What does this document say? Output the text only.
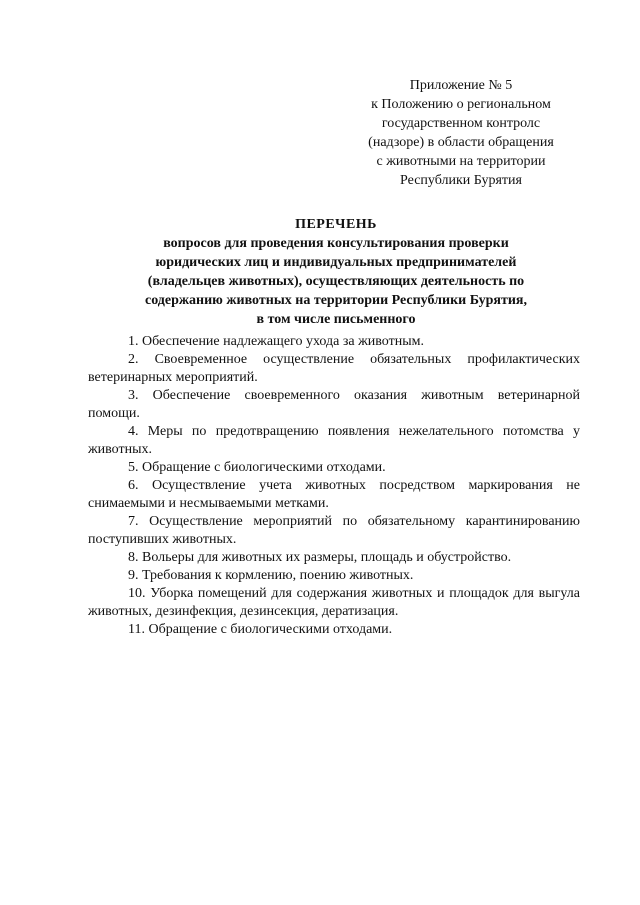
Приложение № 5
к Положению о региональном
государственном контролс
(надзоре) в области обращения
с животными на территории
Республики Бурятия
ПЕРЕЧЕНЬ
вопросов для проведения консультирования проверки
юридических лиц и индивидуальных предпринимателей
(владельцев животных), осуществляющих деятельность по
содержанию животных на территории Республики Бурятия,
в том числе письменного

1. Обеспечение надлежащего ухода за животным.

2. Своевременное осуществление обязательных профилактических ветеринарных мероприятий.

3. Обеспечение своевременного оказания животным ветеринарной помощи.

4. Меры по предотвращению появления нежелательного потомства у животных.

5. Обращение с биологическими отходами.

6. Осуществление учета животных посредством маркирования не снимаемыми и несмываемыми метками.

7. Осуществление мероприятий по обязательному карантинированию поступивших животных.

8. Вольеры для животных их размеры, площадь и обустройство.

9. Требования к кормлению, поению животных.

10. Уборка помещений для содержания животных и площадок для выгула животных, дезинфекция, дезинсекция, дератизация.

11. Обращение с биологическими отходами.
